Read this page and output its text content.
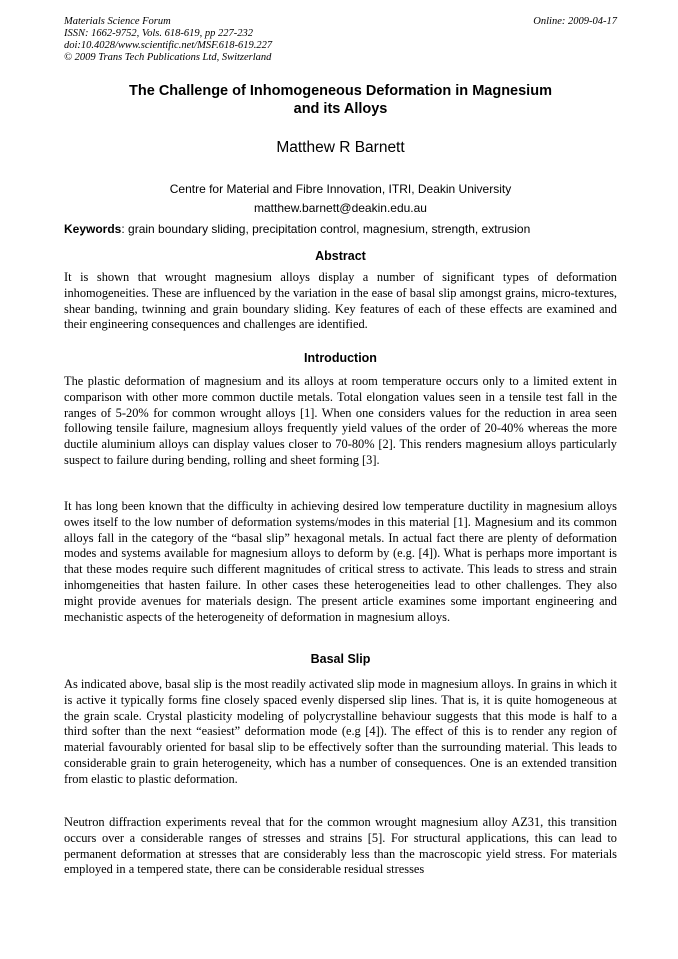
Materials Science Forum
ISSN: 1662-9752, Vols. 618-619, pp 227-232
doi:10.4028/www.scientific.net/MSF.618-619.227
© 2009 Trans Tech Publications Ltd, Switzerland
Online: 2009-04-17
The Challenge of Inhomogeneous Deformation in Magnesium
and its Alloys
Matthew R Barnett
Centre for Material and Fibre Innovation, ITRI, Deakin University
matthew.barnett@deakin.edu.au
Keywords: grain boundary sliding, precipitation control, magnesium, strength, extrusion
Abstract

It is shown that wrought magnesium alloys display a number of significant types of deformation inhomogeneities. These are influenced by the variation in the ease of basal slip amongst grains, micro-textures, shear banding, twinning and grain boundary sliding. Key features of each of these effects are examined and their engineering consequences and challenges are identified.

Introduction

The plastic deformation of magnesium and its alloys at room temperature occurs only to a limited extent in comparison with other more common ductile metals. Total elongation values seen in a tensile test fall in the ranges of 5-20% for common wrought alloys [1]. When one considers values for the reduction in area seen following tensile failure, magnesium alloys frequently yield values of the order of 20-40% whereas the more ductile aluminium alloys can display values closer to 70-80% [2]. This renders magnesium alloys particularly suspect to failure during bending, rolling and sheet forming [3].

It has long been known that the difficulty in achieving desired low temperature ductility in magnesium alloys owes itself to the low number of deformation systems/modes in this material [1]. Magnesium and its common alloys fall in the category of the “basal slip” hexagonal metals. In actual fact there are plenty of deformation modes and systems available for magnesium alloys to deform by (e.g. [4]). What is perhaps more important is that these modes require such different magnitudes of critical stress to activate. This leads to stress and strain inhomgeneities that hasten failure. In other cases these heterogeneities lead to other challenges. They also might provide avenues for materials design. The present article examines some important engineering and mechanistic aspects of the heterogeneity of deformation in magnesium alloys.

Basal Slip

As indicated above, basal slip is the most readily activated slip mode in magnesium alloys. In grains in which it is active it typically forms fine closely spaced evenly dispersed slip lines. That is, it is quite homogeneous at the grain scale. Crystal plasticity modeling of polycrystalline behaviour suggests that this mode is half to a third softer than the next “easiest” deformation mode (e.g [4]). The effect of this is to render any region of material favourably oriented for basal slip to be effectively softer than the surrounding material. This leads to considerable grain to grain heterogeneity, which has a number of consequences. One is an extended transition from elastic to plastic deformation.

Neutron diffraction experiments reveal that for the common wrought magnesium alloy AZ31, this transition occurs over a considerable ranges of stresses and strains [5]. For structural applications, this can lead to permanent deformation at stresses that are considerably less than the macroscopic yield stress. For materials employed in a tempered state, there can be considerable residual stresses
